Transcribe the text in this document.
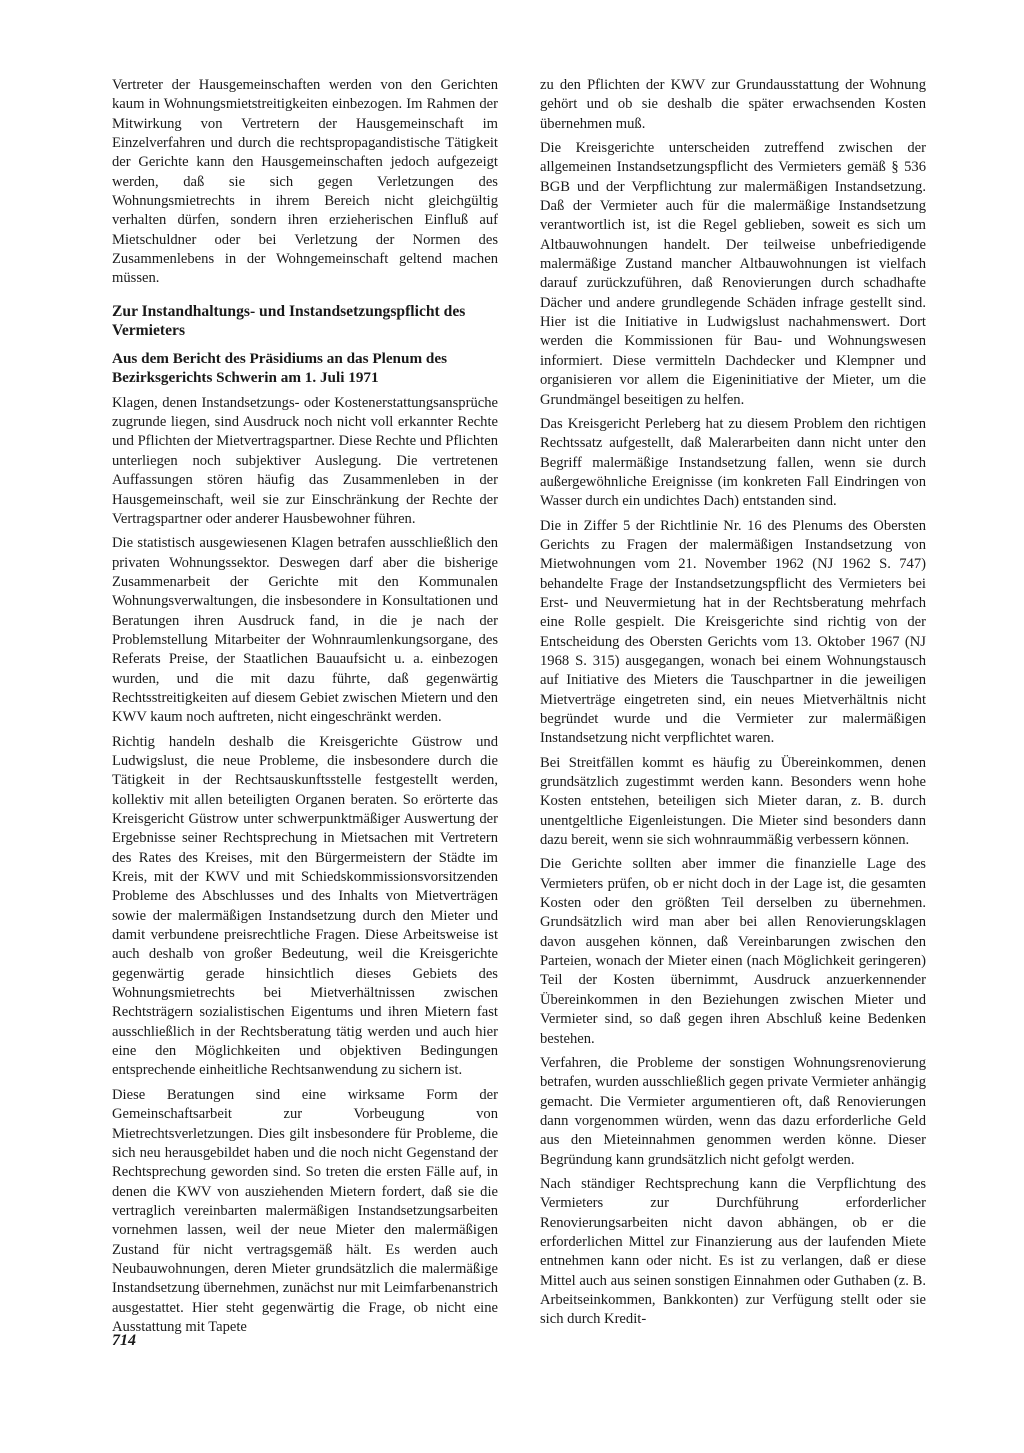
Vertreter der Hausgemeinschaften werden von den Gerichten kaum in Wohnungsmietstreitigkeiten einbezogen. Im Rahmen der Mitwirkung von Vertretern der Hausgemeinschaft im Einzelverfahren und durch die rechtspropagandistische Tätigkeit der Gerichte kann den Hausgemeinschaften jedoch aufgezeigt werden, daß sie sich gegen Verletzungen des Wohnungsmietrechts in ihrem Bereich nicht gleichgültig verhalten dürfen, sondern ihren erzieherischen Einfluß auf Mietschuldner oder bei Verletzung der Normen des Zusammenlebens in der Wohngemeinschaft geltend machen müssen.

Zur Instandhaltungs- und Instandsetzungspflicht des Vermieters
Aus dem Bericht des Präsidiums an das Plenum des Bezirksgerichts Schwerin am 1. Juli 1971

Klagen, denen Instandsetzungs- oder Kostenerstattungsansprüche zugrunde liegen, sind Ausdruck noch nicht voll erkannter Rechte und Pflichten der Mietvertragspartner. Diese Rechte und Pflichten unterliegen noch subjektiver Auslegung. Die vertretenen Auffassungen stören häufig das Zusammenleben in der Hausgemeinschaft, weil sie zur Einschränkung der Rechte der Vertragspartner oder anderer Hausbewohner führen.

Die statistisch ausgewiesenen Klagen betrafen ausschließlich den privaten Wohnungssektor. Deswegen darf aber die bisherige Zusammenarbeit der Gerichte mit den Kommunalen Wohnungsverwaltungen, die insbesondere in Konsultationen und Beratungen ihren Ausdruck fand, in die je nach der Problemstellung Mitarbeiter der Wohnraumlenkungsorgane, des Referats Preise, der Staatlichen Bauaufsicht u. a. einbezogen wurden, und die mit dazu führte, daß gegenwärtig Rechtsstreitigkeiten auf diesem Gebiet zwischen Mietern und den KWV kaum noch auftreten, nicht eingeschränkt werden.

Richtig handeln deshalb die Kreisgerichte Güstrow und Ludwigslust, die neue Probleme, die insbesondere durch die Tätigkeit in der Rechtsauskunftsstelle festgestellt werden, kollektiv mit allen beteiligten Organen beraten. So erörterte das Kreisgericht Güstrow unter schwerpunktmäßiger Auswertung der Ergebnisse seiner Rechtsprechung in Mietsachen mit Vertretern des Rates des Kreises, mit den Bürgermeistern der Städte im Kreis, mit der KWV und mit Schiedskommissionsvorsitzenden Probleme des Abschlusses und des Inhalts von Mietverträgen sowie der malermäßigen Instandsetzung durch den Mieter und damit verbundene preisrechtliche Fragen. Diese Arbeitsweise ist auch deshalb von großer Bedeutung, weil die Kreisgerichte gegenwärtig gerade hinsichtlich dieses Gebiets des Wohnungsmietrechts bei Mietverhältnissen zwischen Rechtsträgern sozialistischen Eigentums und ihren Mietern fast ausschließlich in der Rechtsberatung tätig werden und auch hier eine den Möglichkeiten und objektiven Bedingungen entsprechende einheitliche Rechtsanwendung zu sichern ist.

Diese Beratungen sind eine wirksame Form der Gemeinschaftsarbeit zur Vorbeugung von Mietrechtsverletzungen. Dies gilt insbesondere für Probleme, die sich neu herausgebildet haben und die noch nicht Gegenstand der Rechtsprechung geworden sind. So treten die ersten Fälle auf, in denen die KWV von ausziehenden Mietern fordert, daß sie die vertraglich vereinbarten malermäßigen Instandsetzungsarbeiten vornehmen lassen, weil der neue Mieter den malermäßigen Zustand für nicht vertragsgemäß hält. Es werden auch Neubauwohnungen, deren Mieter grundsätzlich die malermäßige Instandsetzung übernehmen, zunächst nur mit Leimfarbenanstrich ausgestattet. Hier steht gegenwärtig die Frage, ob nicht eine Ausstattung mit Tapete

zu den Pflichten der KWV zur Grundausstattung der Wohnung gehört und ob sie deshalb die später erwachsenden Kosten übernehmen muß.

Die Kreisgerichte unterscheiden zutreffend zwischen der allgemeinen Instandsetzungspflicht des Vermieters gemäß § 536 BGB und der Verpflichtung zur malermäßigen Instandsetzung. Daß der Vermieter auch für die malermäßige Instandsetzung verantwortlich ist, ist die Regel geblieben, soweit es sich um Altbauwohnungen handelt. Der teilweise unbefriedigende malermäßige Zustand mancher Altbauwohnungen ist vielfach darauf zurückzuführen, daß Renovierungen durch schadhafte Dächer und andere grundlegende Schäden infrage gestellt sind. Hier ist die Initiative in Ludwigslust nachahmenswert. Dort werden die Kommissionen für Bau- und Wohnungswesen informiert. Diese vermitteln Dachdecker und Klempner und organisieren vor allem die Eigeninitiative der Mieter, um die Grundmängel beseitigen zu helfen.

Das Kreisgericht Perleberg hat zu diesem Problem den richtigen Rechtssatz aufgestellt, daß Malerarbeiten dann nicht unter den Begriff malermäßige Instandsetzung fallen, wenn sie durch außergewöhnliche Ereignisse (im konkreten Fall Eindringen von Wasser durch ein undichtes Dach) entstanden sind.

Die in Ziffer 5 der Richtlinie Nr. 16 des Plenums des Obersten Gerichts zu Fragen der malermäßigen Instandsetzung von Mietwohnungen vom 21. November 1962 (NJ 1962 S. 747) behandelte Frage der Instandsetzungspflicht des Vermieters bei Erst- und Neuvermietung hat in der Rechtsberatung mehrfach eine Rolle gespielt. Die Kreisgerichte sind richtig von der Entscheidung des Obersten Gerichts vom 13. Oktober 1967 (NJ 1968 S. 315) ausgegangen, wonach bei einem Wohnungstausch auf Initiative des Mieters die Tauschpartner in die jeweiligen Mietverträge eingetreten sind, ein neues Mietverhältnis nicht begründet wurde und die Vermieter zur malermäßigen Instandsetzung nicht verpflichtet waren.

Bei Streitfällen kommt es häufig zu Übereinkommen, denen grundsätzlich zugestimmt werden kann. Besonders wenn hohe Kosten entstehen, beteiligen sich Mieter daran, z. B. durch unentgeltliche Eigenleistungen. Die Mieter sind besonders dann dazu bereit, wenn sie sich wohnraummäßig verbessern können.

Die Gerichte sollten aber immer die finanzielle Lage des Vermieters prüfen, ob er nicht doch in der Lage ist, die gesamten Kosten oder den größten Teil derselben zu übernehmen. Grundsätzlich wird man aber bei allen Renovierungsklagen davon ausgehen können, daß Vereinbarungen zwischen den Parteien, wonach der Mieter einen (nach Möglichkeit geringeren) Teil der Kosten übernimmt, Ausdruck anzuerkennender Übereinkommen in den Beziehungen zwischen Mieter und Vermieter sind, so daß gegen ihren Abschluß keine Bedenken bestehen.

Verfahren, die Probleme der sonstigen Wohnungsrenovierung betrafen, wurden ausschließlich gegen private Vermieter anhängig gemacht. Die Vermieter argumentieren oft, daß Renovierungen dann vorgenommen würden, wenn das dazu erforderliche Geld aus den Mieteinnahmen genommen werden könne. Dieser Begründung kann grundsätzlich nicht gefolgt werden.

Nach ständiger Rechtsprechung kann die Verpflichtung des Vermieters zur Durchführung erforderlicher Renovierungsarbeiten nicht davon abhängen, ob er die erforderlichen Mittel zur Finanzierung aus der laufenden Miete entnehmen kann oder nicht. Es ist zu verlangen, daß er diese Mittel auch aus seinen sonstigen Einnahmen oder Guthaben (z. B. Arbeitseinkommen, Bankkonten) zur Verfügung stellt oder sie sich durch Kredit-

714
